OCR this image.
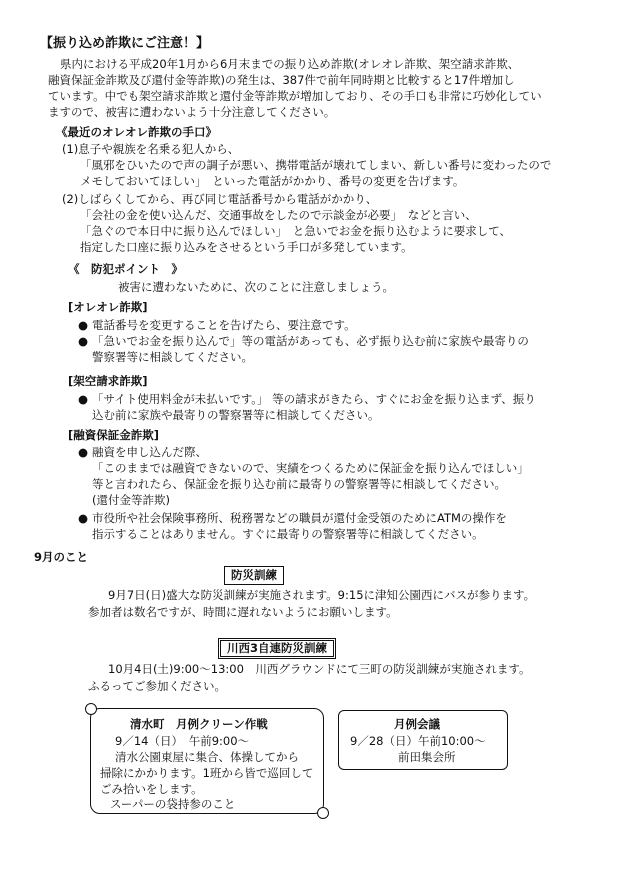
【振り込め詐欺にご注意！】
県内における平成20年1月から6月末までの振り込め詐欺(オレオレ詐欺、架空請求詐欺、
融資保証金詐欺及び還付金等詐欺)の発生は、387件で前年同時期と比較すると17件増加し
ています。中でも架空請求詐欺と還付金等詐欺が増加しており、その手口も非常に巧妙化してい
ますので、被害に遭わないよう十分注意してください。
《最近のオレオレ詐欺の手口》
(1)息子や親族を名乗る犯人から、
「風邪をひいたので声の調子が悪い、携帯電話が壊れてしまい、新しい番号に変わったので
メモしておいてほしい」　といった電話がかかり、番号の変更を告げます。
(2)しばらくしてから、再び同じ電話番号から電話がかかり、
「会社の金を使い込んだ、交通事故をしたので示談金が必要」　などと言い、
「急ぐので本日中に振り込んでほしい」　と急いでお金を振り込むように要求して、
指定した口座に振り込みをさせるという手口が多発しています。
《　防犯ポイント　》
被害に遭わないために、次のことに注意しましょう。
[オレオレ詐欺]
● 電話番号を変更することを告げたら、要注意です。
● 「急いでお金を振り込んで」等の電話があっても、必ず振り込む前に家族や最寄りの
警察署等に相談してください。
[架空請求詐欺]
● 「サイト使用料金が未払いです。」 等の請求がきたら、すぐにお金を振り込まず、振り
込む前に家族や最寄りの警察署等に相談してください。
[融資保証金詐欺]
● 融資を申し込んだ際、
「このままでは融資できないので、実績をつくるために保証金を振り込んでほしい」
等と言われたら、保証金を振り込む前に最寄りの警察署等に相談してください。
(還付金等詐欺)
● 市役所や社会保険事務所、税務署などの職員が還付金受領のためにATMの操作を
指示することはありません。すぐに最寄りの警察署等に相談してください。
9月のこと
防災訓練
9月7日(日)盛大な防災訓練が実施されます。9:15に津知公園西にバスが参ります。
参加者は数名ですが、時間に遅れないようにお願いします。
川西3自連防災訓練
10月4日(土)9:00～13:00　川西グラウンドにて三町の防災訓練が実施されます。
ふるってご参加ください。
清水町　月例クリーン作戦
9／14（日）　午前9:00～
清水公園東屋に集合、体操してから
掃除にかかります。1班から皆で巡回して
ごみ拾いをします。
スーパーの袋持参のこと
月例会議
9／28（日）午前10:00～
前田集会所
